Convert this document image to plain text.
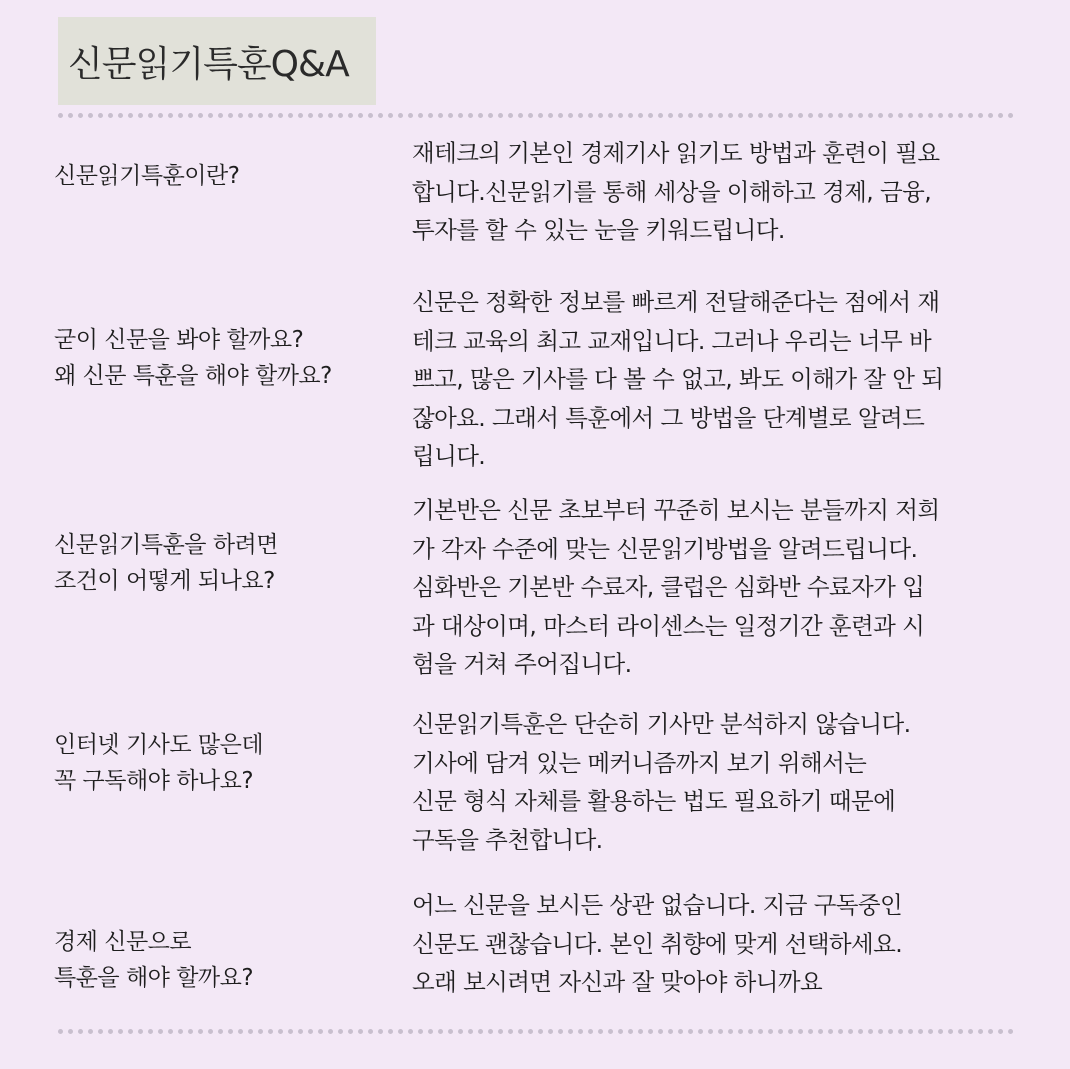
신문읽기특훈Q&A
신문읽기특훈이란?
재테크의 기본인 경제기사 읽기도 방법과 훈련이 필요
합니다.신문읽기를 통해 세상을 이해하고 경제, 금융,
투자를 할 수 있는 눈을 키워드립니다.
굳이 신문을 봐야 할까요?
왜 신문 특훈을 해야 할까요?
신문은 정확한 정보를 빠르게 전달해준다는 점에서 재
테크 교육의 최고 교재입니다. 그러나 우리는 너무 바
쁘고, 많은 기사를 다 볼 수 없고, 봐도 이해가 잘 안 되
잖아요. 그래서 특훈에서 그 방법을 단계별로 알려드
립니다.
신문읽기특훈을 하려면
조건이 어떻게 되나요?
기본반은 신문 초보부터 꾸준히 보시는 분들까지 저희
가 각자 수준에 맞는 신문읽기방법을 알려드립니다.
심화반은 기본반 수료자, 클럽은 심화반 수료자가 입
과 대상이며, 마스터 라이센스는 일정기간 훈련과 시
험을 거쳐 주어집니다.
인터넷 기사도 많은데
꼭 구독해야 하나요?
신문읽기특훈은 단순히 기사만 분석하지 않습니다.
기사에 담겨 있는 메커니즘까지 보기 위해서는
신문 형식 자체를 활용하는 법도 필요하기 때문에
구독을 추천합니다.
경제 신문으로
특훈을 해야 할까요?
어느 신문을 보시든 상관 없습니다. 지금 구독중인
신문도 괜찮습니다. 본인 취향에 맞게 선택하세요.
오래 보시려면 자신과 잘 맞아야 하니까요
